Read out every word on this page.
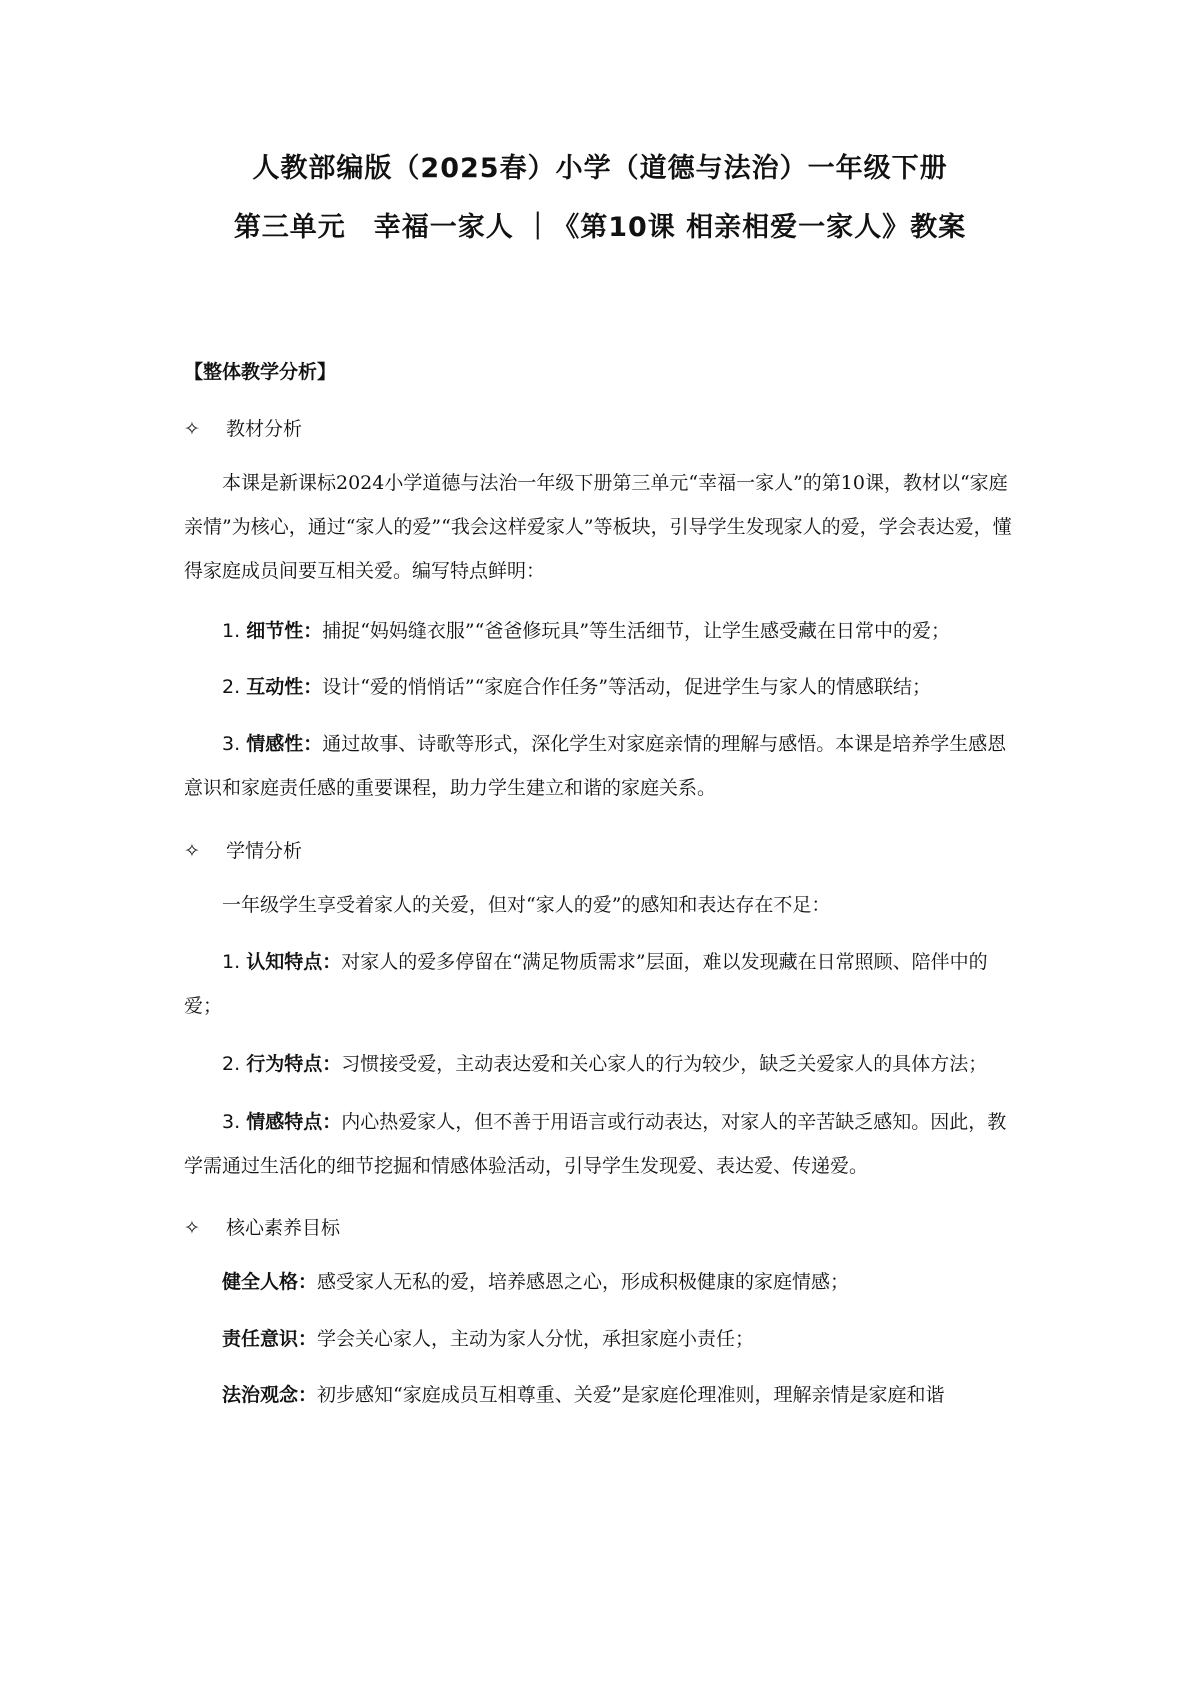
人教部编版（2025春）小学（道德与法治）一年级下册
第三单元　幸福一家人 ｜《第10课 相亲相爱一家人》教案
【整体教学分析】
✧ 教材分析
本课是新课标2024小学道德与法治一年级下册第三单元“幸福一家人”的第10课，教材以“家庭亲情”为核心，通过“家人的爱”“我会这样爱家人”等板块，引导学生发现家人的爱，学会表达爱，懂得家庭成员间要互相关爱。编写特点鲜明：
1. 细节性：捕捉“妈妈缝衣服”“爸爸修玩具”等生活细节，让学生感受藏在日常中的爱；
2. 互动性：设计“爱的悄悄话”“家庭合作任务”等活动，促进学生与家人的情感联结；
3. 情感性：通过故事、诗歌等形式，深化学生对家庭亲情的理解与感悟。本课是培养学生感恩意识和家庭责任感的重要课程，助力学生建立和谐的家庭关系。
✧ 学情分析
一年级学生享受着家人的关爱，但对“家人的爱”的感知和表达存在不足：
1. 认知特点：对家人的爱多停留在“满足物质需求”层面，难以发现藏在日常照顾、陪伴中的爱；
2. 行为特点：习惯接受爱，主动表达爱和关心家人的行为较少，缺乏关爱家人的具体方法；
3. 情感特点：内心热爱家人，但不善于用语言或行动表达，对家人的辛苦缺乏感知。因此，教学需通过生活化的细节挖掘和情感体验活动，引导学生发现爱、表达爱、传递爱。
✧ 核心素养目标
健全人格：感受家人无私的爱，培养感恩之心，形成积极健康的家庭情感；
责任意识：学会关心家人，主动为家人分忧，承担家庭小责任；
法治观念：初步感知“家庭成员互相尊重、关爱”是家庭伦理准则，理解亲情是家庭和谐
